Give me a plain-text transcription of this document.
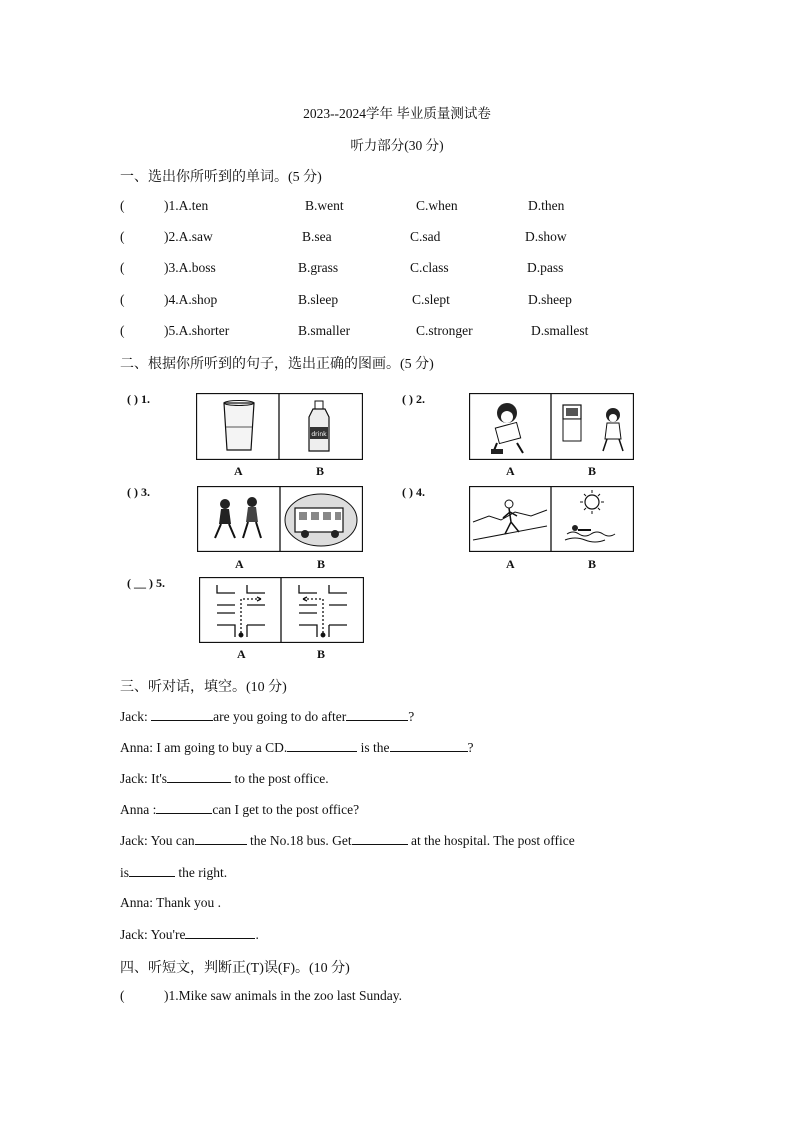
2023--2024学年 毕业质量测试卷
听力部分(30 分)
一、选出你所听到的单词。(5 分)
(	)1.A.ten	B.went	C.when	D.then
(	)2.A.saw	B.sea	C.sad	D.show
(	)3.A.boss	B.grass	C.class	D.pass
(	)4.A.shop	B.sleep	C.slept	D.sheep
(	)5.A.shorter	B.smaller	C.stronger	D.smallest
二、根据你所听到的句子，选出正确的图画。(5 分)
( ) 1.
drink
A	B
( ) 2.
A	B
( ) 3.
A	B
( ) 4.
A	B
( __ ) 5.
A	B
三、听对话，填空。(10 分)
Jack:	are you going to do after	?
Anna: I am going to buy a CD.	is the	?
Jack: It's	to the post office.
Anna :	can I get to the post office?
Jack: You can	the No.18 bus. Get	at the hospital. The post office
is	the right.
Anna: Thank you .
Jack: You're	.
四、听短文，判断正(T)误(F)。(10 分)
(	)1.Mike saw animals in the zoo last Sunday.
